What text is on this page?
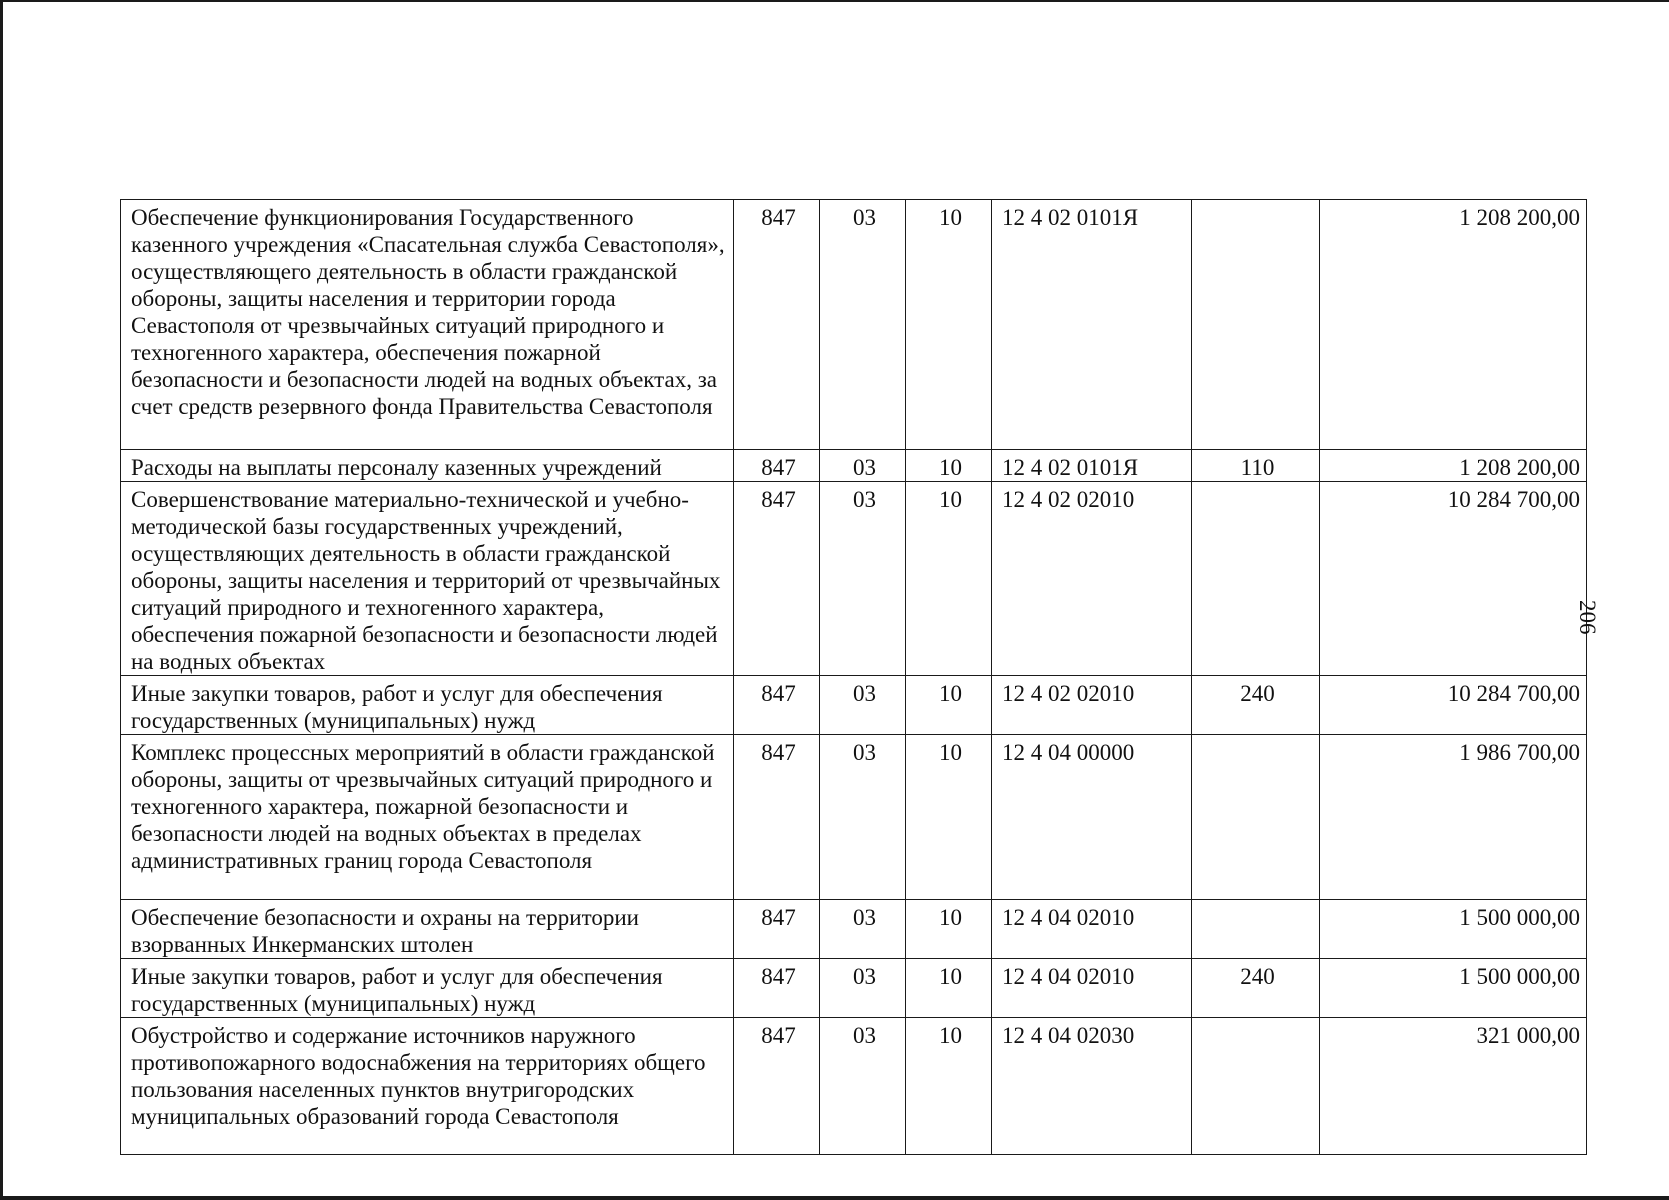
Обеспечение функционирования Государственного казенного учреждения «Спасательная служба Севастополя», осуществляющего деятельность в области гражданской обороны, защиты населения и территории города Севастополя от чрезвычайных ситуаций природного и техногенного характера, обеспечения пожарной безопасности и безопасности людей на водных объектах, за счет средств резервного фонда Правительства Севастополя	847	03	10	12 4 02 0101Я		1 208 200,00
Расходы на выплаты персоналу казенных учреждений	847	03	10	12 4 02 0101Я	110	1 208 200,00
Совершенствование материально-технической и учебно-методической базы государственных учреждений, осуществляющих деятельность в области гражданской обороны, защиты населения и территорий от чрезвычайных ситуаций природного и техногенного характера, обеспечения пожарной безопасности и безопасности людей на водных объектах	847	03	10	12 4 02 02010		10 284 700,00
Иные закупки товаров, работ и услуг для обеспечения государственных (муниципальных) нужд	847	03	10	12 4 02 02010	240	10 284 700,00
Комплекс процессных мероприятий в области гражданской обороны, защиты от чрезвычайных ситуаций природного и техногенного характера, пожарной безопасности и безопасности людей на водных объектах в пределах административных границ города Севастополя	847	03	10	12 4 04 00000		1 986 700,00
Обеспечение безопасности и охраны на территории взорванных Инкерманских штолен	847	03	10	12 4 04 02010		1 500 000,00
Иные закупки товаров, работ и услуг для обеспечения государственных (муниципальных) нужд	847	03	10	12 4 04 02010	240	1 500 000,00
Обустройство и содержание источников наружного противопожарного водоснабжения на территориях общего пользования населенных пунктов внутригородских муниципальных образований города Севастополя	847	03	10	12 4 04 02030		321 000,00
206
